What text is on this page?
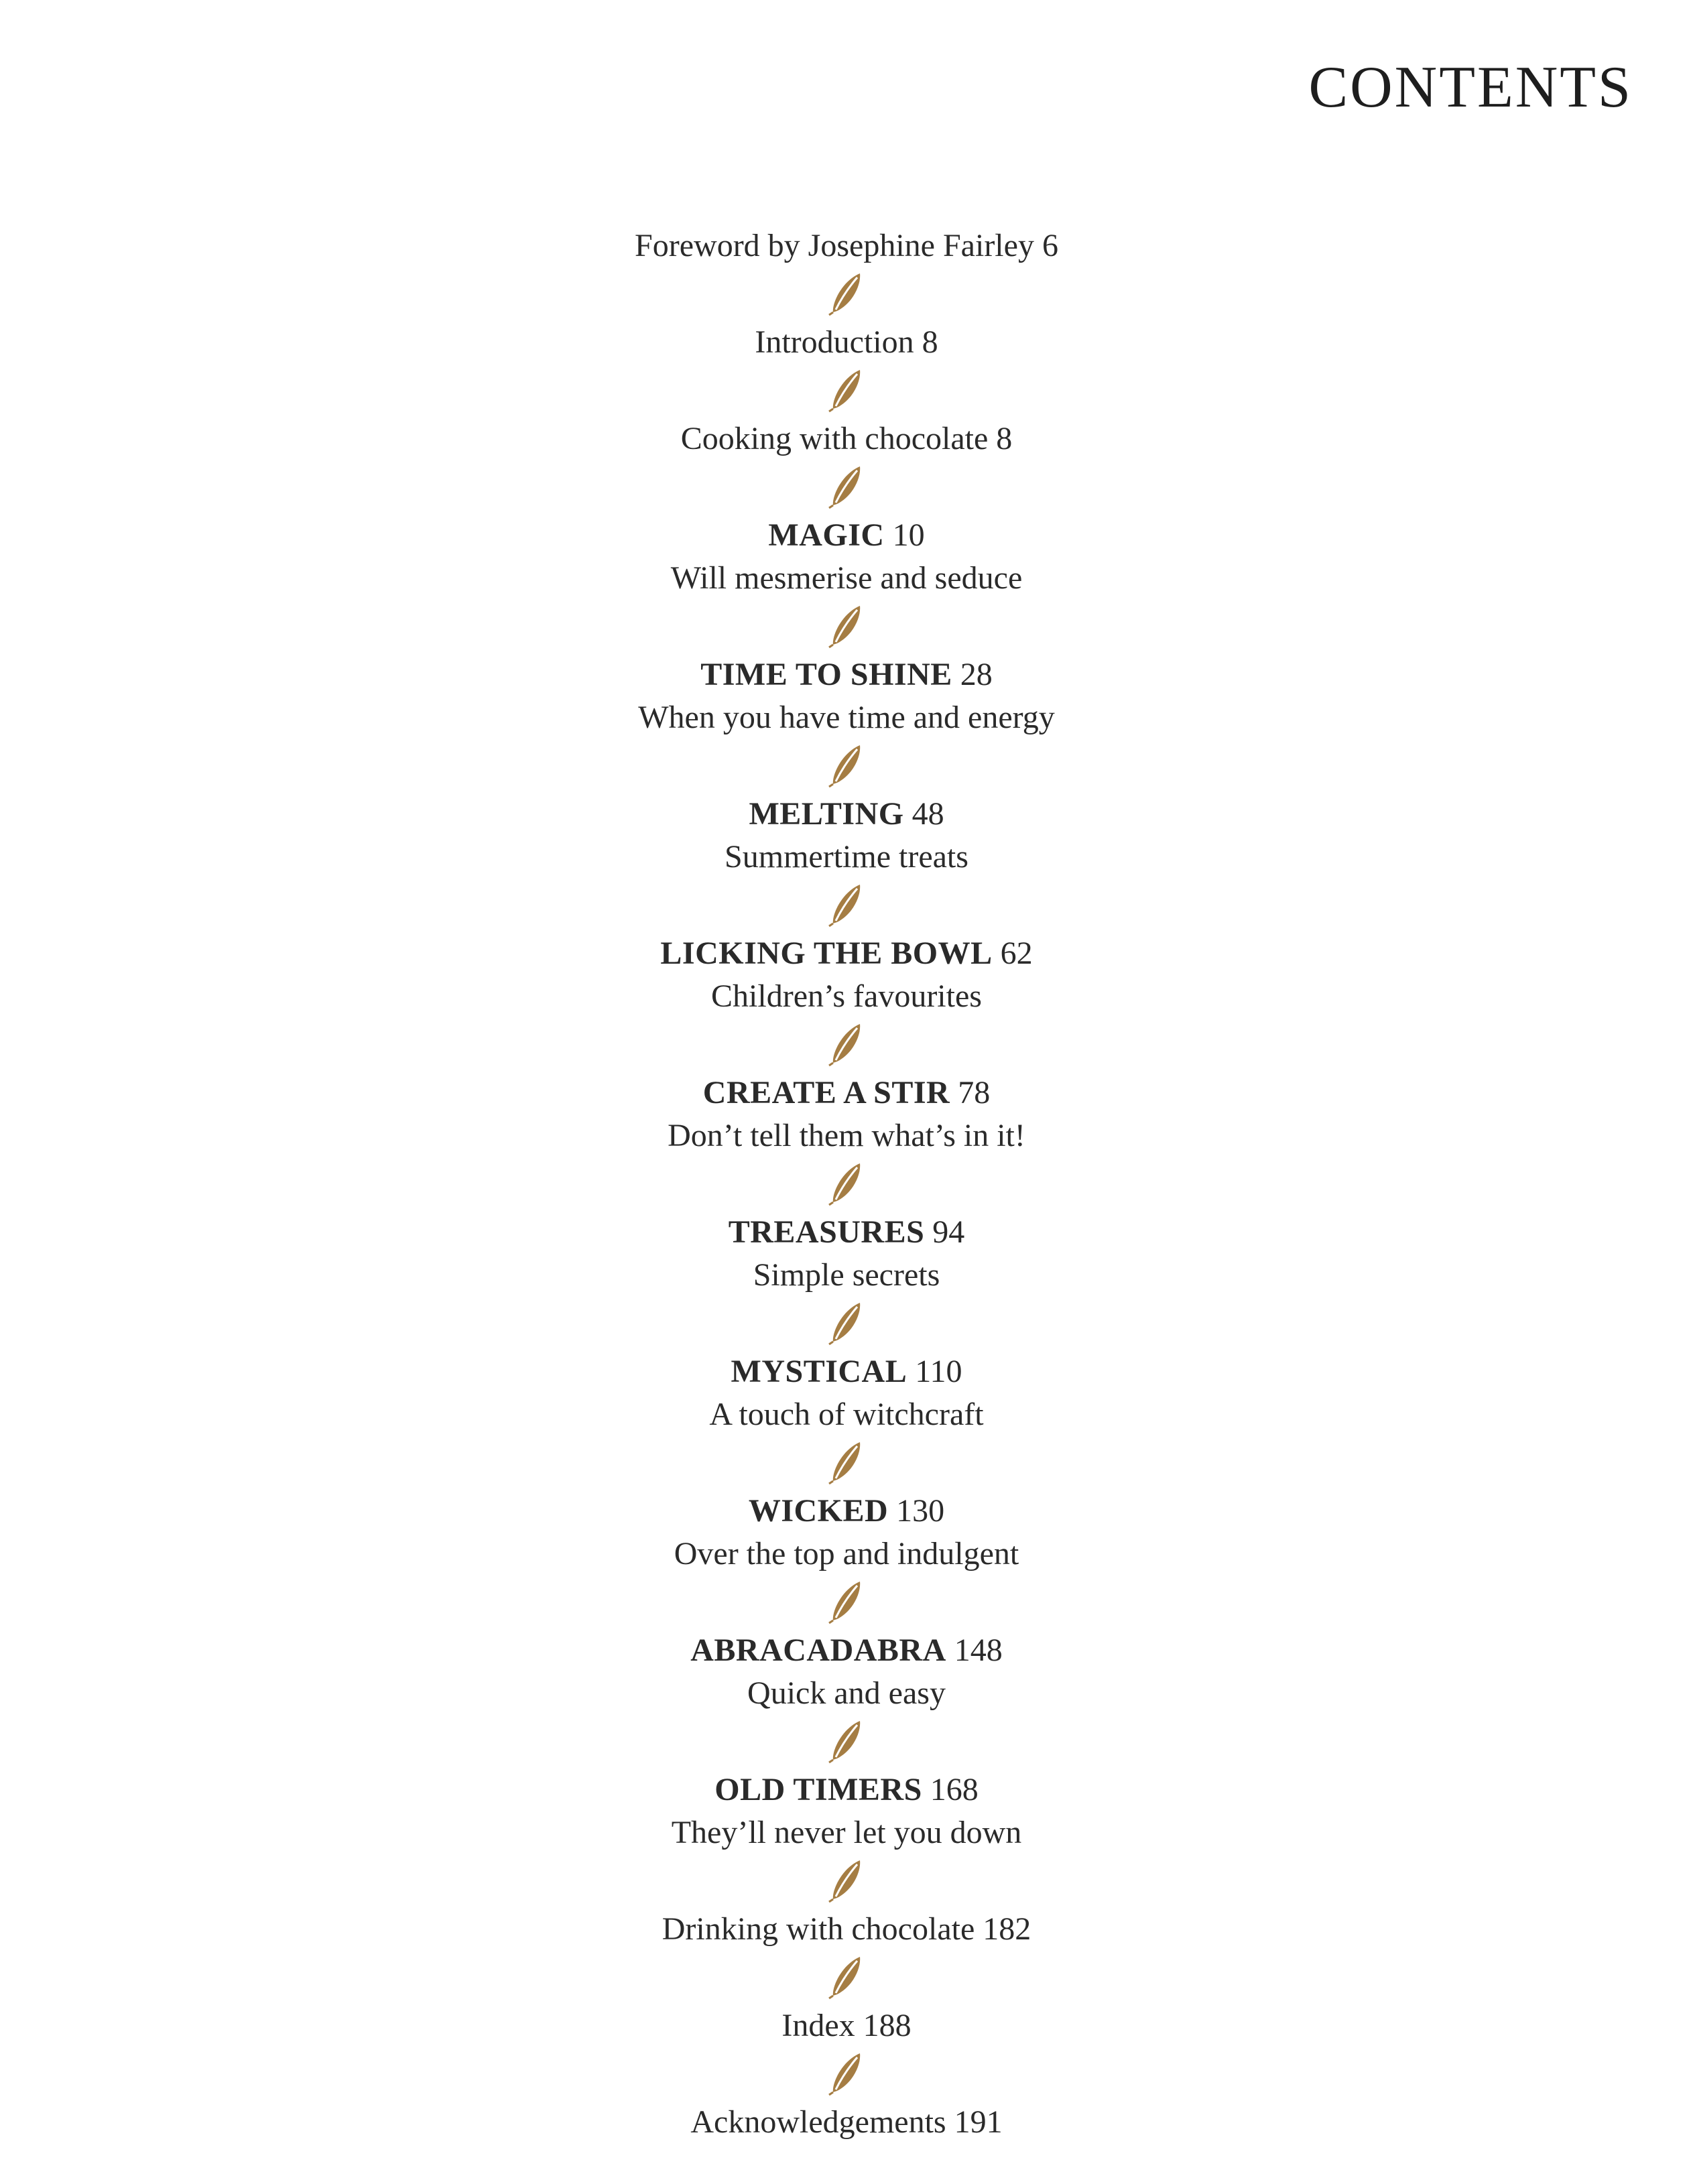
CONTENTS
Foreword by Josephine Fairley 6
Introduction 8
Cooking with chocolate 8
MAGIC 10
Will mesmerise and seduce
TIME TO SHINE 28
When you have time and energy
MELTING 48
Summertime treats
LICKING THE BOWL 62
Children’s favourites
CREATE A STIR 78
Don’t tell them what’s in it!
TREASURES 94
Simple secrets
MYSTICAL 110
A touch of witchcraft
WICKED 130
Over the top and indulgent
ABRACADABRA 148
Quick and easy
OLD TIMERS 168
They’ll never let you down
Drinking with chocolate 182
Index 188
Acknowledgements 191
